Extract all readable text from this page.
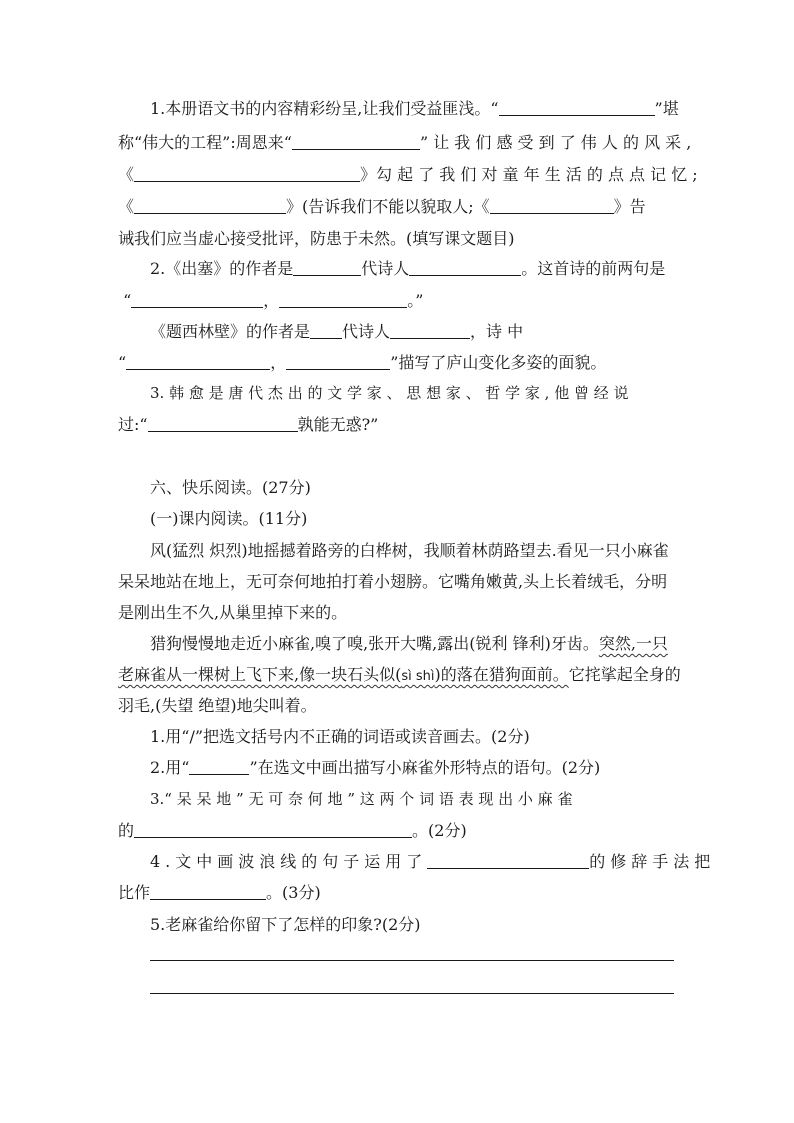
1.本册语文书的内容精彩纷呈,让我们受益匪浅。“	”堪
称“伟大的工程”:周恩来“	” 让 我 们 感 受 到 了 伟 人 的 风 采 ,
《	》勾 起 了 我 们 对 童 年 生 活 的 点 点 记 忆 ;
《	》(告诉我们不能以貌取人;《	》告
诫我们应当虚心接受批评，防患于未然。(填写课文题目)
2.《出塞》的作者是	代诗人	。这首诗的前两句是
“	，	。”
《题西林壁》的作者是 代诗人	，诗 中
“	，	”描写了庐山变化多姿的面貌。
3. 韩 愈 是 唐 代 杰 出 的 文 学 家 、 思 想 家 、 哲 学 家 , 他 曾 经 说
过:“	孰能无惑?”
六、快乐阅读。(27分)
(一)课内阅读。(11分)
风(猛烈 炽烈)地摇撼着路旁的白桦树，我顺着林荫路望去.看见一只小麻雀
呆呆地站在地上，无可奈何地拍打着小翅膀。它嘴角嫩黄,头上长着绒毛，分明
是刚出生不久,从巢里掉下来的。
猎狗慢慢地走近小麻雀,嗅了嗅,张开大嘴,露出(锐利 锋利)牙齿。突然,一只
老麻雀从一棵树上飞下来,像一块石头似(sì shì)的落在猎狗面前。它挓挲起全身的
羽毛,(失望 绝望)地尖叫着。
1.用“/”把选文括号内不正确的词语或读音画去。(2分)
2.用“	”在选文中画出描写小麻雀外形特点的语句。(2分)
3.“ 呆 呆 地 ” 无 可 奈 何 地 ” 这 两 个 词 语 表 现 出 小 麻 雀
的	。(2分)
4.文中画波浪线的句子运用了	的修辞手法把
比作	。(3分)
5.老麻雀给你留下了怎样的印象?(2分)
